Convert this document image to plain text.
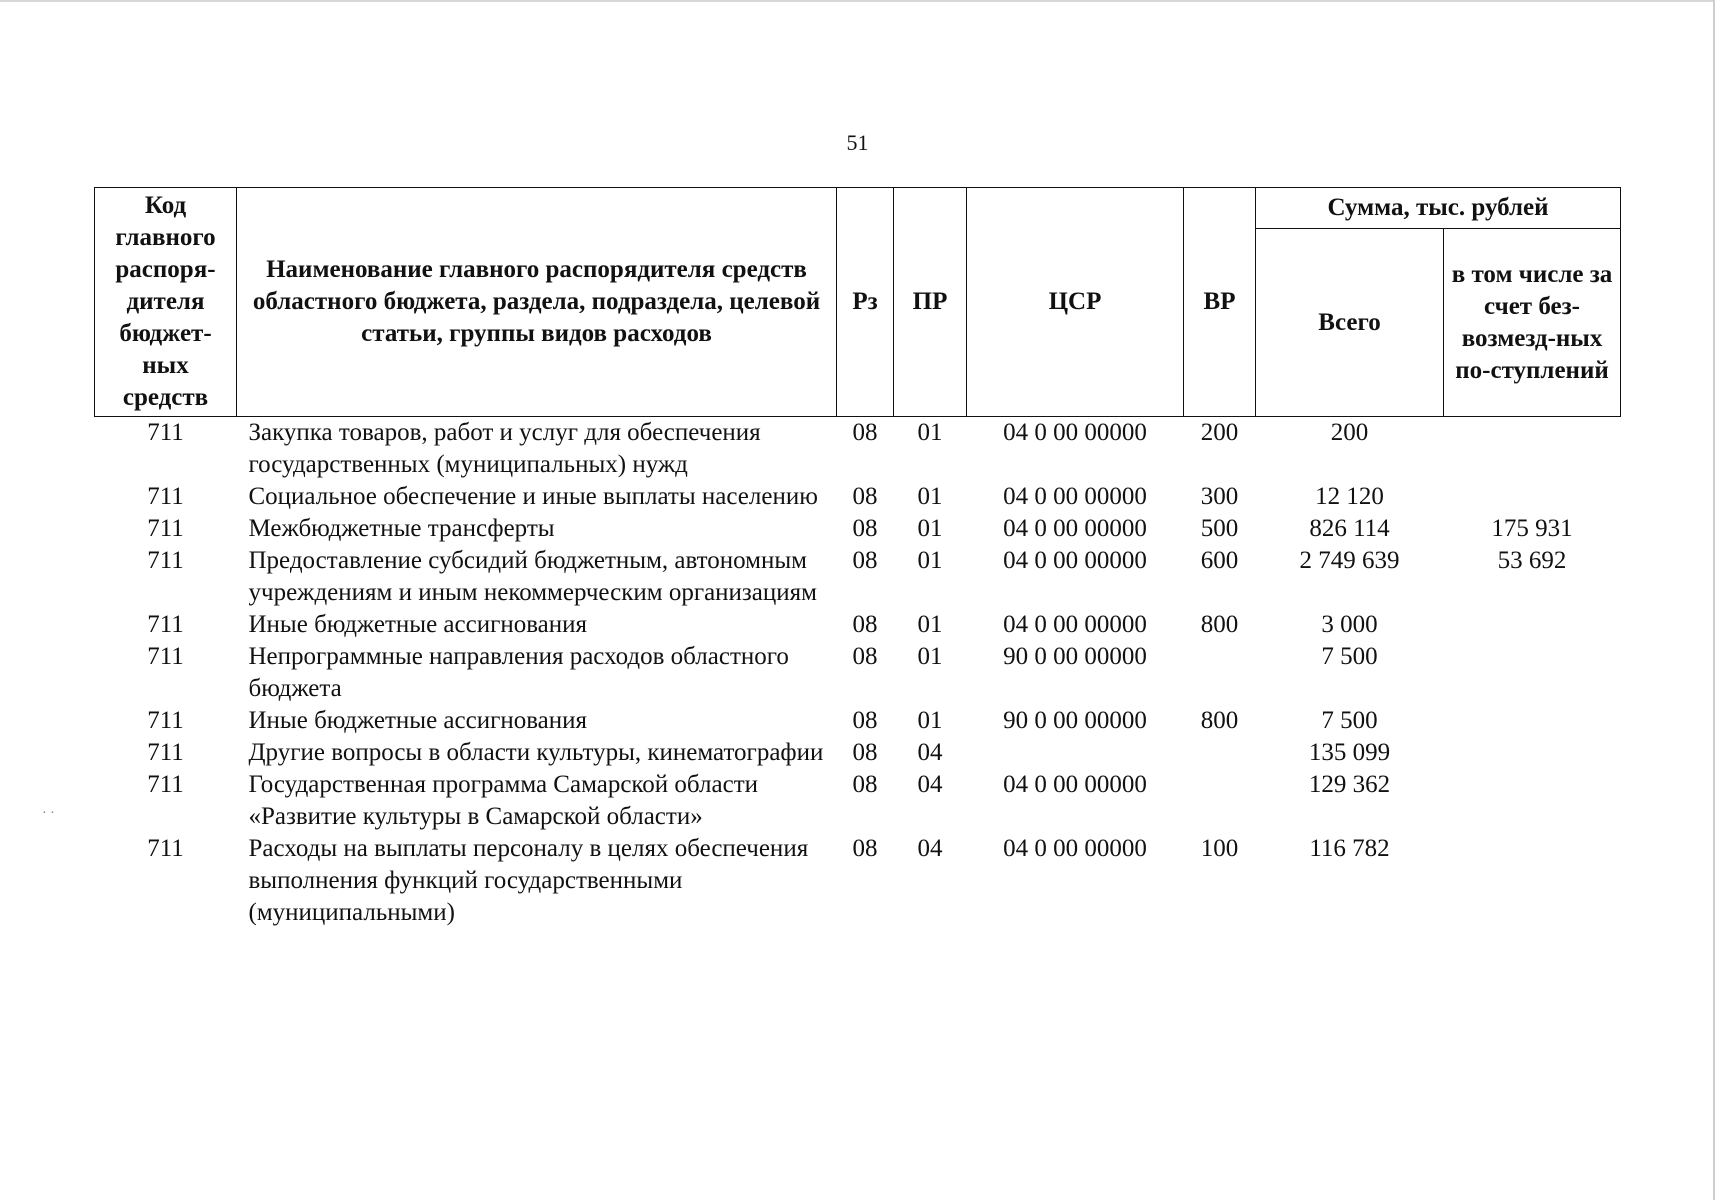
· ·
51
Код главного распоря-дителя бюджет-ных средств	Наименование главного распорядителя средств областного бюджета, раздела, подраздела, целевой статьи, группы видов расходов	Рз	ПР	ЦСР	ВР	Сумма, тыс. рублей	
						Всего	в том числе за счет без-возмезд-ных по-ступлений
711	Закупка товаров, работ и услуг для обеспечения государственных (муниципальных) нужд	08	01	04 0 00 00000	200	200	
711	Социальное обеспечение и иные выплаты населению	08	01	04 0 00 00000	300	12 120	
711	Межбюджетные трансферты	08	01	04 0 00 00000	500	826 114	175 931
711	Предоставление субсидий бюджетным, автономным учреждениям и иным некоммерческим организациям	08	01	04 0 00 00000	600	2 749 639	53 692
711	Иные бюджетные ассигнования	08	01	04 0 00 00000	800	3 000	
711	Непрограммные направления расходов областного бюджета	08	01	90 0 00 00000		7 500	
711	Иные бюджетные ассигнования	08	01	90 0 00 00000	800	7 500	
711	Другие вопросы в области культуры, кинематографии	08	04			135 099	
711	Государственная программа Самарской области «Развитие культуры в Самарской области»	08	04	04 0 00 00000		129 362	
711	Расходы на выплаты персоналу в целях обеспечения выполнения функций государственными (муниципальными)	08	04	04 0 00 00000	100	116 782	
